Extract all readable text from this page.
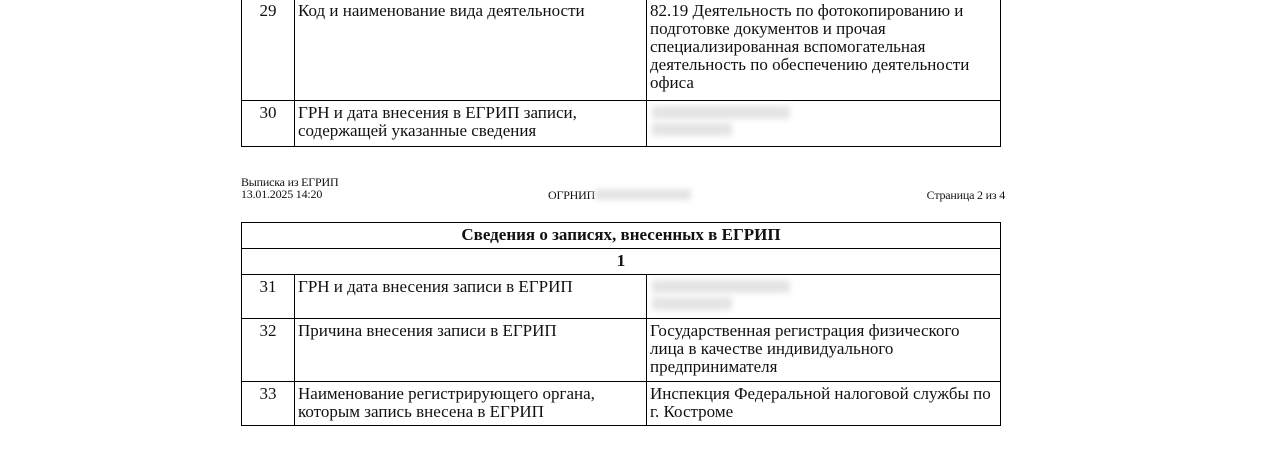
29	Код и наименование вида деятельности	82.19 Деятельность по фотокопированию и подготовке документов и прочая специализированная вспомогательная деятельность по обеспечению деятельности офиса
30	ГРН и дата внесения в ЕГРИП записи, содержащей указанные сведения	
Выписка из ЕГРИП
13.01.2025 14:20	ОГРНИП	Страница 2 из 4
Сведения о записях, внесенных в ЕГРИП		
1		
31	ГРН и дата внесения записи в ЕГРИП	

32	Причина внесения записи в ЕГРИП	Государственная регистрация физического лица в качестве индивидуального предпринимателя
33	Наименование регистрирующего органа, которым запись внесена в ЕГРИП	Инспекция Федеральной налоговой службы по г. Костроме
